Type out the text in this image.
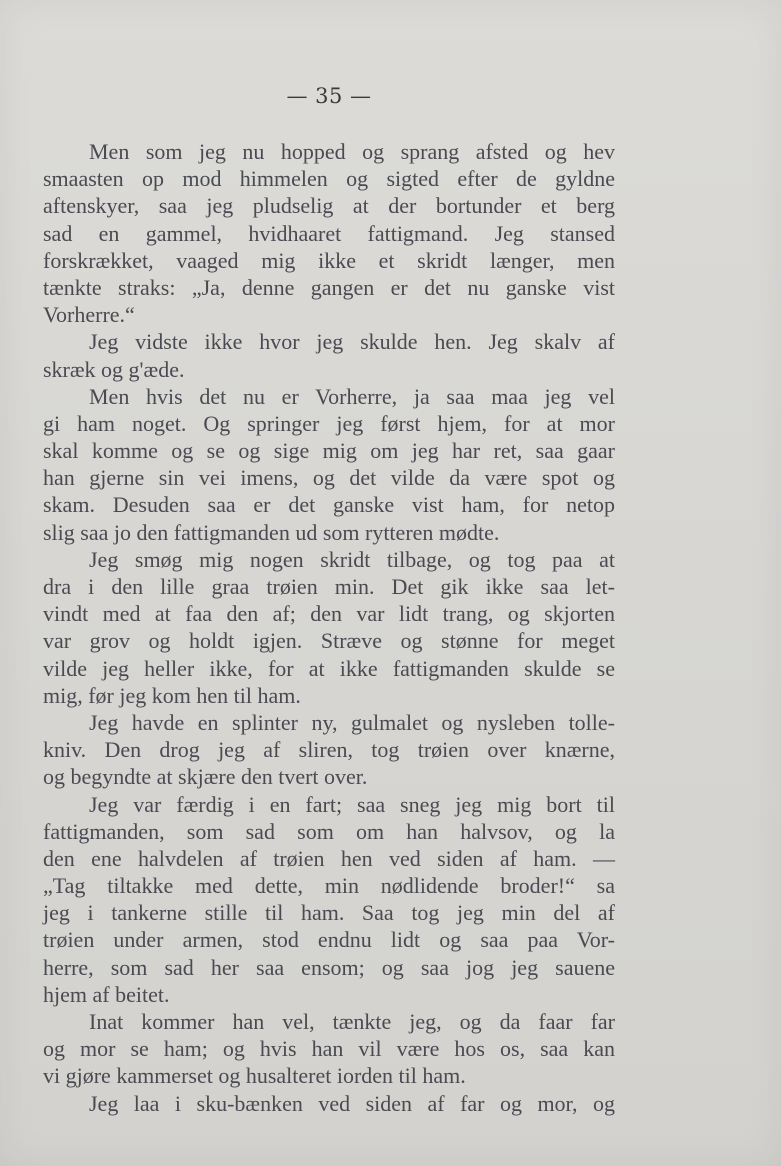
— 35 —
Men som jeg nu hopped og sprang afsted og hev
smaasten op mod himmelen og sigted efter de gyldne
aftenskyer, saa jeg pludselig at der bortunder et berg
sad en gammel, hvidhaaret fattigmand. Jeg stansed
forskrækket, vaaged mig ikke et skridt længer, men
tænkte straks: „Ja, denne gangen er det nu ganske vist
Vorherre.“
Jeg vidste ikke hvor jeg skulde hen. Jeg skalv af
skræk og g'æde.
Men hvis det nu er Vorherre, ja saa maa jeg vel
gi ham noget. Og springer jeg først hjem, for at mor
skal komme og se og sige mig om jeg har ret, saa gaar
han gjerne sin vei imens, og det vilde da være spot og
skam. Desuden saa er det ganske vist ham, for netop
slig saa jo den fattigmanden ud som rytteren mødte.
Jeg smøg mig nogen skridt tilbage, og tog paa at
dra i den lille graa trøien min. Det gik ikke saa let-
vindt med at faa den af; den var lidt trang, og skjorten
var grov og holdt igjen. Stræve og stønne for meget
vilde jeg heller ikke, for at ikke fattigmanden skulde se
mig, før jeg kom hen til ham.
Jeg havde en splinter ny, gulmalet og nysleben tolle-
kniv. Den drog jeg af sliren, tog trøien over knærne,
og begyndte at skjære den tvert over.
Jeg var færdig i en fart; saa sneg jeg mig bort til
fattigmanden, som sad som om han halvsov, og la
den ene halvdelen af trøien hen ved siden af ham. —
„Tag tiltakke med dette, min nødlidende broder!“ sa
jeg i tankerne stille til ham. Saa tog jeg min del af
trøien under armen, stod endnu lidt og saa paa Vor-
herre, som sad her saa ensom; og saa jog jeg sauene
hjem af beitet.
Inat kommer han vel, tænkte jeg, og da faar far
og mor se ham; og hvis han vil være hos os, saa kan
vi gjøre kammerset og husalteret iorden til ham.
Jeg laa i sku-bænken ved siden af far og mor, og
